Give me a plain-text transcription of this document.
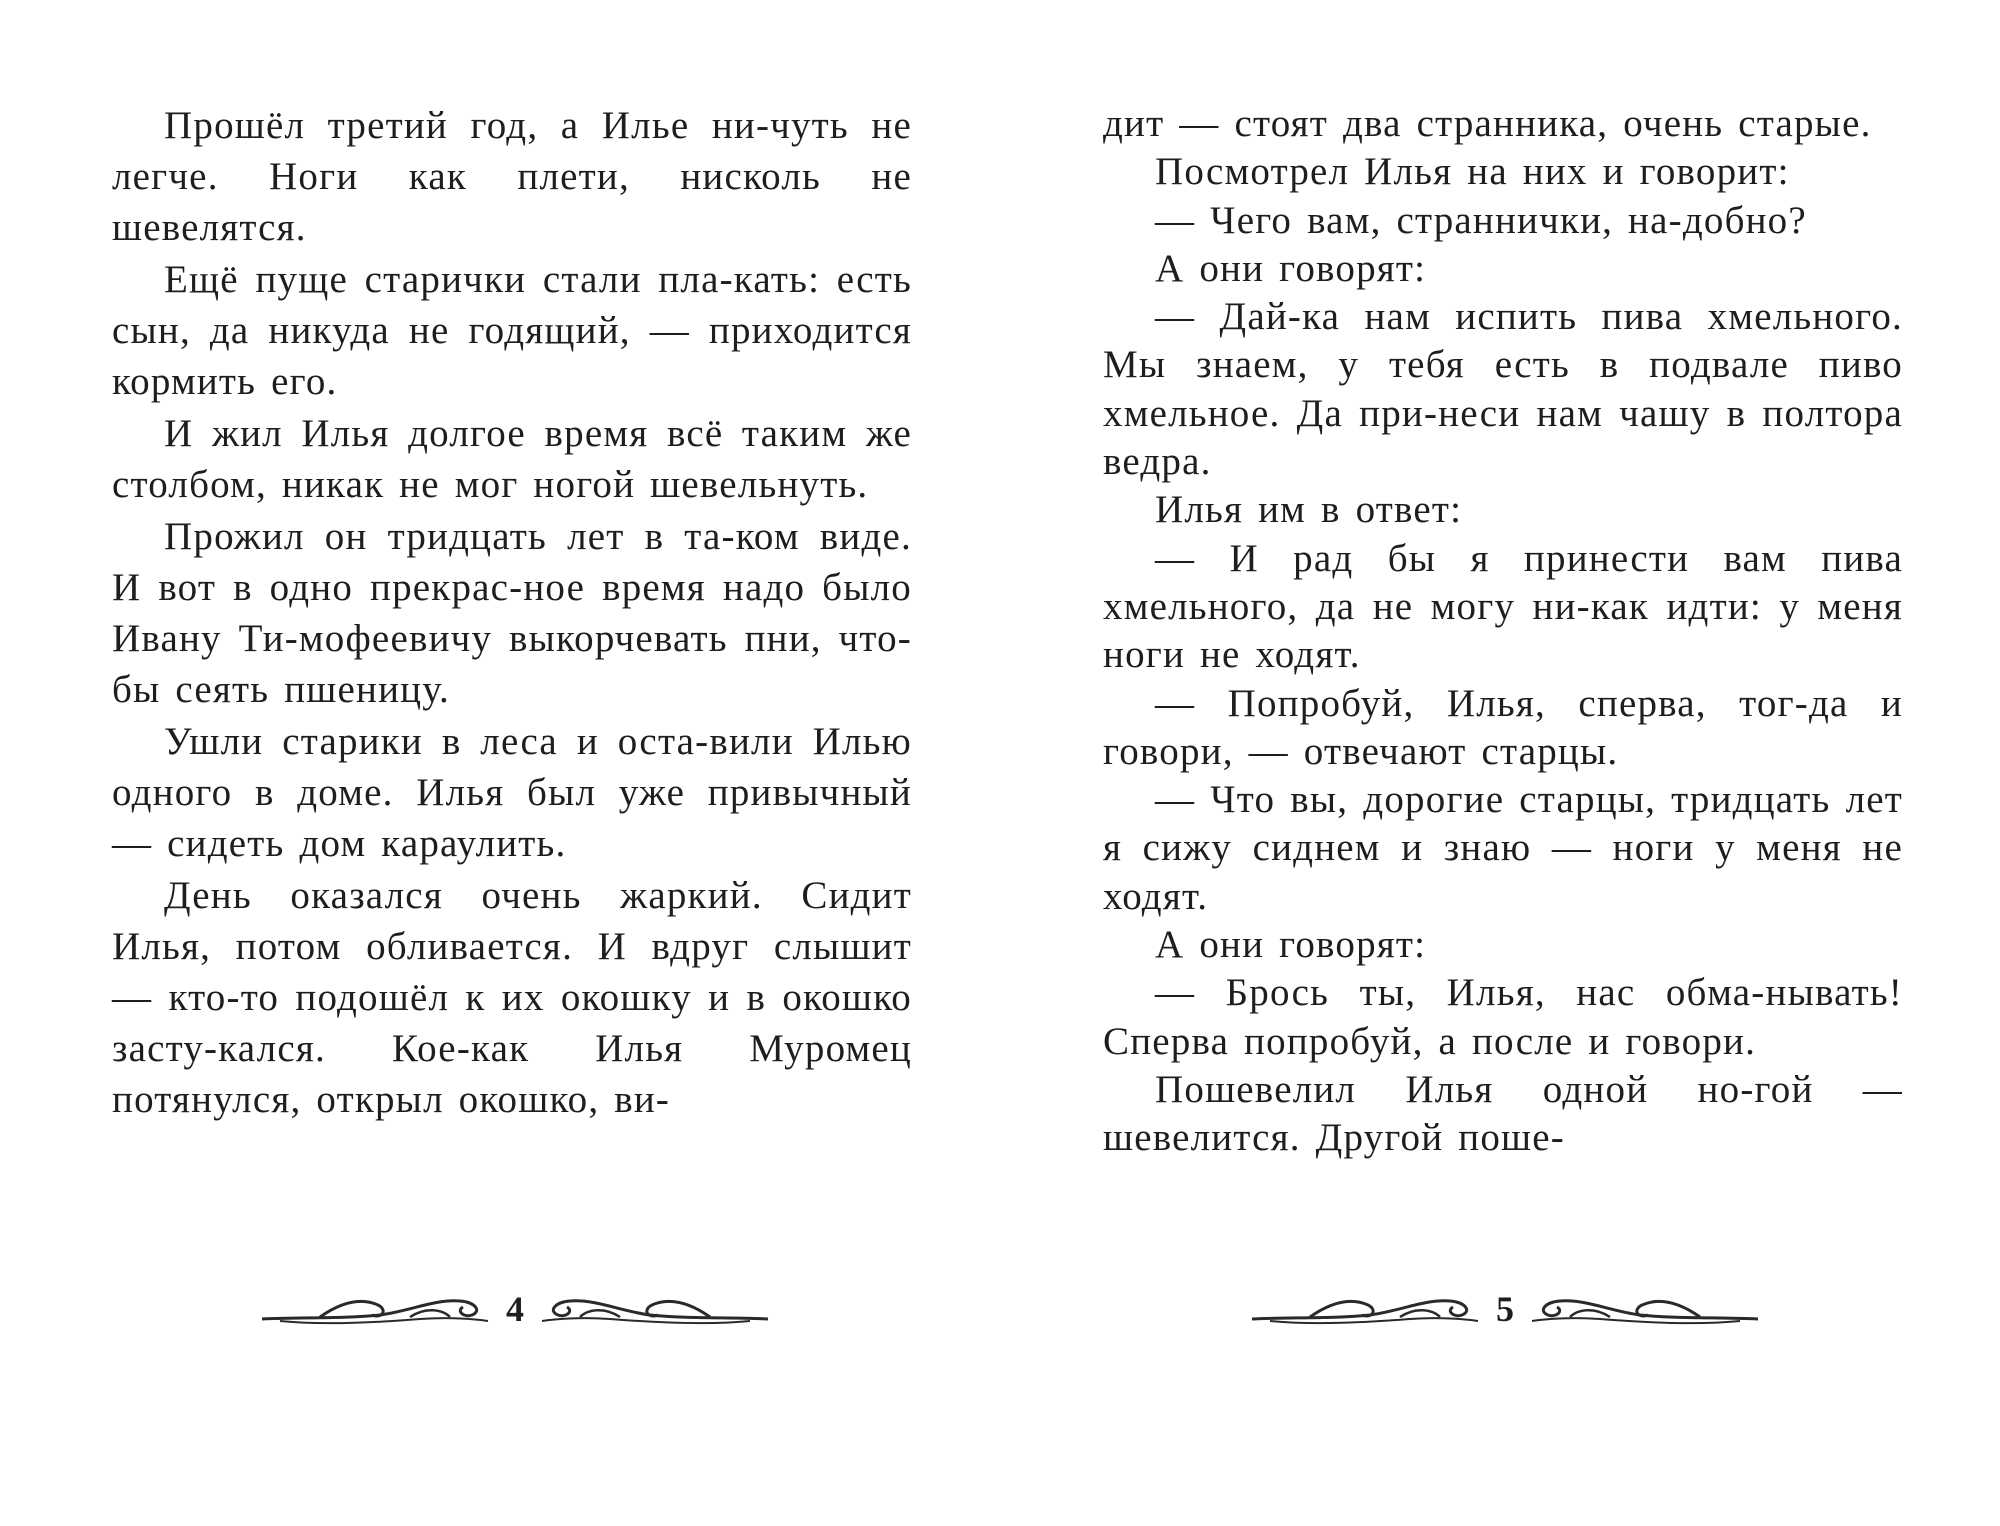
Прошёл третий год, а Илье ни-чуть не легче. Ноги как плети, нисколь не шевелятся.

Ещё пуще старички стали пла-кать: есть сын, да никуда не годящий, — приходится кормить его.

И жил Илья долгое время всё таким же столбом, никак не мог ногой шевельнуть.

Прожил он тридцать лет в та-ком виде. И вот в одно прекрас-ное время надо было Ивану Ти-мофеевичу выкорчевать пни, что-бы сеять пшеницу.

Ушли старики в леса и оста-вили Илью одного в доме. Илья был уже привычный — сидеть дом караулить.

День оказался очень жаркий. Сидит Илья, потом обливается. И вдруг слышит — кто-то подошёл к их окошку и в окошко засту-кался. Кое-как Илья Муромец потянулся, открыл окошко, ви-

дит — стоят два странника, очень старые.

Посмотрел Илья на них и говорит:

— Чего вам, страннички, на-добно?

А они говорят:

— Дай-ка нам испить пива хмельного. Мы знаем, у тебя есть в подвале пиво хмельное. Да при-неси нам чашу в полтора ведра.

Илья им в ответ:

— И рад бы я принести вам пива хмельного, да не могу ни-как идти: у меня ноги не ходят.

— Попробуй, Илья, сперва, тог-да и говори, — отвечают старцы.

— Что вы, дорогие старцы, тридцать лет я сижу сиднем и знаю — ноги у меня не ходят.

А они говорят:

— Брось ты, Илья, нас обма-нывать! Сперва попробуй, а после и говори.

Пошевелил Илья одной но-гой — шевелится. Другой поше-

4	5
